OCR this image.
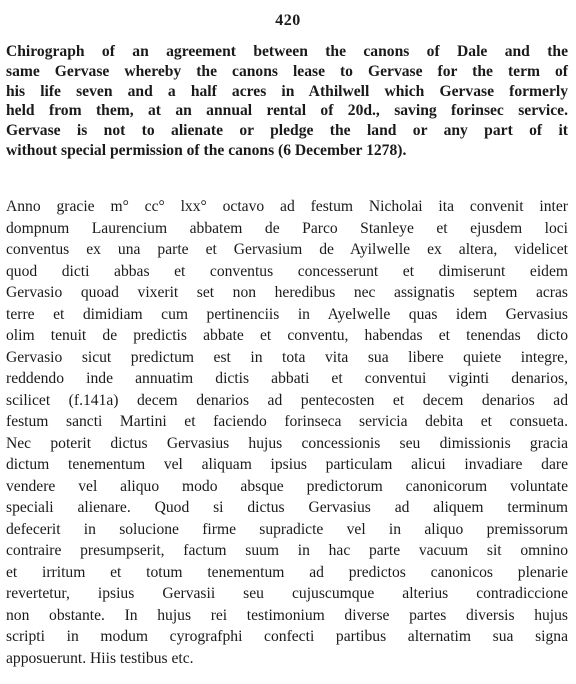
420
Chirograph of an agreement between the canons of Dale and the
same Gervase whereby the canons lease to Gervase for the term of
his life seven and a half acres in Athilwell which Gervase formerly
held from them, at an annual rental of 20d., saving forinsec service.
Gervase is not to alienate or pledge the land or any part of it
without special permission of the canons (6 December 1278).
Anno gracie m° cc° lxx° octavo ad festum Nicholai ita convenit inter
dompnum Laurencium abbatem de Parco Stanleye et ejusdem loci
conventus ex una parte et Gervasium de Ayilwelle ex altera, videlicet
quod dicti abbas et conventus concesserunt et dimiserunt eidem
Gervasio quoad vixerit set non heredibus nec assignatis septem acras
terre et dimidiam cum pertinenciis in Ayelwelle quas idem Gervasius
olim tenuit de predictis abbate et conventu, habendas et tenendas dicto
Gervasio sicut predictum est in tota vita sua libere quiete integre,
reddendo inde annuatim dictis abbati et conventui viginti denarios,
scilicet (f.141a) decem denarios ad pentecosten et decem denarios ad
festum sancti Martini et faciendo forinseca servicia debita et consueta.
Nec poterit dictus Gervasius hujus concessionis seu dimissionis gracia
dictum tenementum vel aliquam ipsius particulam alicui invadiare dare
vendere vel aliquo modo absque predictorum canonicorum voluntate
speciali alienare. Quod si dictus Gervasius ad aliquem terminum
defecerit in solucione firme supradicte vel in aliquo premissorum
contraire presumpserit, factum suum in hac parte vacuum sit omnino
et irritum et totum tenementum ad predictos canonicos plenarie
revertetur, ipsius Gervasii seu cujuscumque alterius contradiccione
non obstante. In hujus rei testimonium diverse partes diversis hujus
scripti in modum cyrografphi confecti partibus alternatim sua signa
apposuerunt. Hiis testibus etc.
